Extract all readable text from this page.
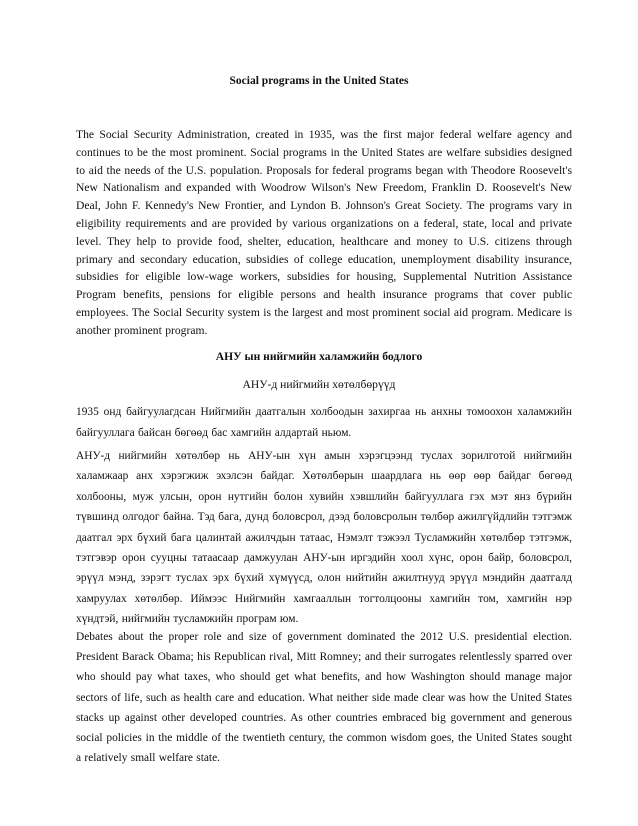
Social programs in the United States
The Social Security Administration, created in 1935, was the first major federal welfare agency and continues to be the most prominent. Social programs in the United States are welfare subsidies designed to aid the needs of the U.S. population. Proposals for federal programs began with Theodore Roosevelt's New Nationalism and expanded with Woodrow Wilson's New Freedom, Franklin D. Roosevelt's New Deal, John F. Kennedy's New Frontier, and Lyndon B. Johnson's Great Society. The programs vary in eligibility requirements and are provided by various organizations on a federal, state, local and private level. They help to provide food, shelter, education, healthcare and money to U.S. citizens through primary and secondary education, subsidies of college education, unemployment disability insurance, subsidies for eligible low-wage workers, subsidies for housing, Supplemental Nutrition Assistance Program benefits, pensions for eligible persons and health insurance programs that cover public employees. The Social Security system is the largest and most prominent social aid program. Medicare is another prominent program.
АНУ ын нийгмийн халамжийн бодлого
АНУ-д нийгмийн хөтөлбөрүүд
1935 онд байгуулагдсан Нийгмийн даатгалын холбоодын захиргаа нь анхны томоохон халамжийн байгууллага байсан бөгөөд бас хамгийн алдартай ньюм.
АНУ-д нийгмийн хөтөлбөр нь АНУ-ын хүн амын хэрэгцээнд туслах зорилготой нийгмийн халамжаар анх хэрэгжиж эхэлсэн байдаг. Хөтөлбөрын шаардлага нь өөр өөр байдаг бөгөөд холбооны, муж улсын, орон нутгийн болон хувийн хэвшлийн байгууллага гэх мэт янз бүрийн түвшинд олгодог байна. Тэд бага, дунд боловсрол, дээд боловсролын төлбөр ажилгүйдлийн тэтгэмж даатгал эрх бүхий бага цалинтай ажилчдын татаас, Нэмэлт тэжээл Тусламжийн хөтөлбөр тэтгэмж, тэтгэвэр орон сууцны татаасаар дамжуулан АНУ-ын иргэдийн хоол хүнс, орон байр, боловсрол, эрүүл мэнд, зэрэгт туслах эрх бүхий хүмүүсд, олон нийтийн ажилтнууд эрүүл мэндийн даатгалд хамруулах хөтөлбөр. Иймээс Нийгмийн хамгааллын тогтолцооны хамгийн том, хамгийн нэр хүндтэй, нийгмийн тусламжийн програм юм.
Debates about the proper role and size of government dominated the 2012 U.S. presidential election. President Barack Obama; his Republican rival, Mitt Romney; and their surrogates relentlessly sparred over who should pay what taxes, who should get what benefits, and how Washington should manage major sectors of life, such as health care and education. What neither side made clear was how the United States stacks up against other developed countries. As other countries embraced big government and generous social policies in the middle of the twentieth century, the common wisdom goes, the United States sought a relatively small welfare state.
